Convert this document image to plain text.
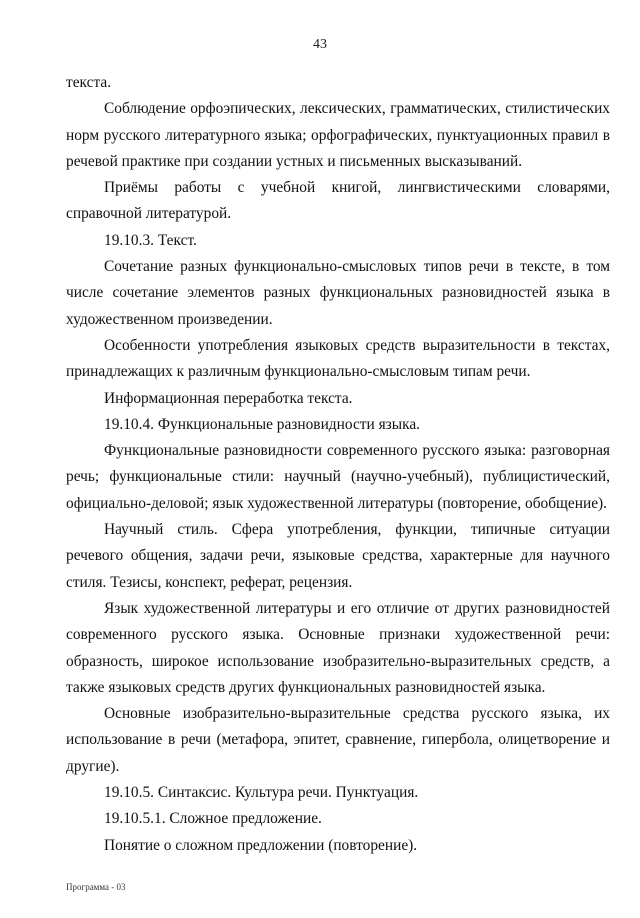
43

текста.

Соблюдение орфоэпических, лексических, грамматических, стилистических норм русского литературного языка; орфографических, пунктуационных правил в речевой практике при создании устных и письменных высказываний.

Приёмы работы с учебной книгой, лингвистическими словарями, справочной литературой.

19.10.3. Текст.

Сочетание разных функционально-смысловых типов речи в тексте, в том числе сочетание элементов разных функциональных разновидностей языка в художественном произведении.

Особенности употребления языковых средств выразительности в текстах, принадлежащих к различным функционально-смысловым типам речи.

Информационная переработка текста.

19.10.4. Функциональные разновидности языка.

Функциональные разновидности современного русского языка: разговорная речь; функциональные стили: научный (научно-учебный), публицистический, официально-деловой; язык художественной литературы (повторение, обобщение).

Научный стиль. Сфера употребления, функции, типичные ситуации речевого общения, задачи речи, языковые средства, характерные для научного стиля. Тезисы, конспект, реферат, рецензия.

Язык художественной литературы и его отличие от других разновидностей современного русского языка. Основные признаки художественной речи: образность, широкое использование изобразительно-выразительных средств, а также языковых средств других функциональных разновидностей языка.

Основные изобразительно-выразительные средства русского языка, их использование в речи (метафора, эпитет, сравнение, гипербола, олицетворение и другие).

19.10.5. Синтаксис. Культура речи. Пунктуация.

19.10.5.1. Сложное предложение.

Понятие о сложном предложении (повторение).

Программа - 03
